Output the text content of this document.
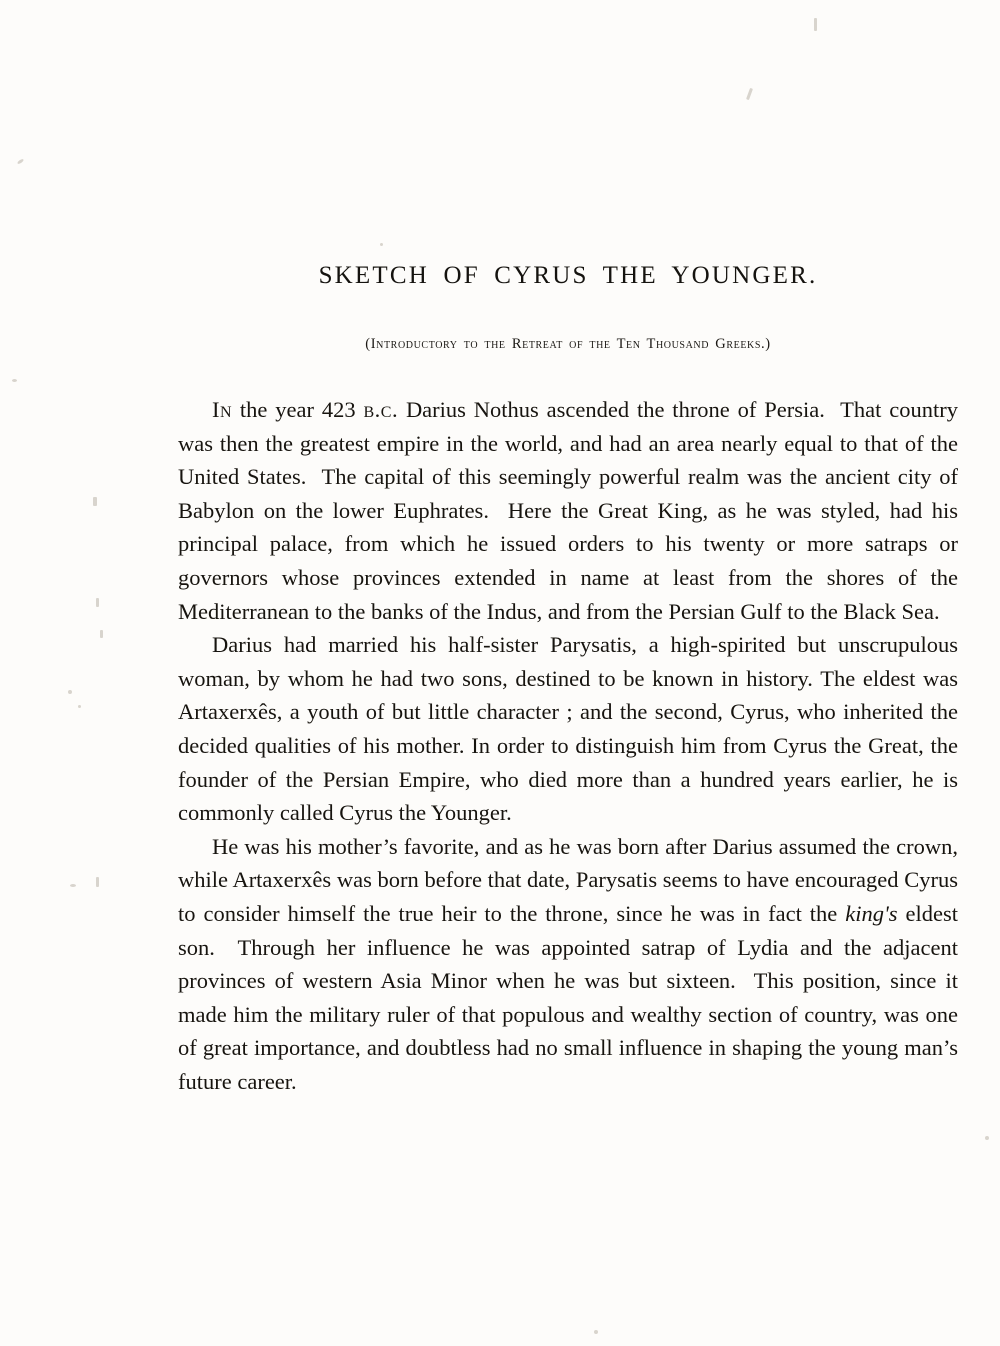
SKETCH OF CYRUS THE YOUNGER.
(Introductory to the Retreat of the Ten Thousand Greeks.)

In the year 423 b.c. Darius Nothus ascended the throne of Persia.  That country was then the greatest empire in the world, and had an area nearly equal to that of the United States.  The capital of this seemingly powerful realm was the ancient city of Babylon on the lower Euphrates.  Here the Great King, as he was styled, had his principal palace, from which he issued orders to his twenty or more satraps or governors whose provinces extended in name at least from the shores of the Mediterranean to the banks of the Indus, and from the Persian Gulf to the Black Sea.

Darius had married his half-sister Parysatis, a high-spirited but unscrupulous woman, by whom he had two sons, destined to be known in history. The eldest was Artaxerxês, a youth of but little character ; and the second, Cyrus, who inherited the decided qualities of his mother. In order to distinguish him from Cyrus the Great, the founder of the Persian Empire, who died more than a hundred years earlier, he is commonly called Cyrus the Younger.

He was his mother’s favorite, and as he was born after Darius assumed the crown, while Artaxerxês was born before that date, Parysatis seems to have encouraged Cyrus to consider himself the true heir to the throne, since he was in fact the king's eldest son.  Through her influence he was appointed satrap of Lydia and the adjacent provinces of western Asia Minor when he was but sixteen.  This position, since it made him the military ruler of that populous and wealthy section of country, was one of great importance, and doubtless had no small influence in shaping the young man’s future career.
